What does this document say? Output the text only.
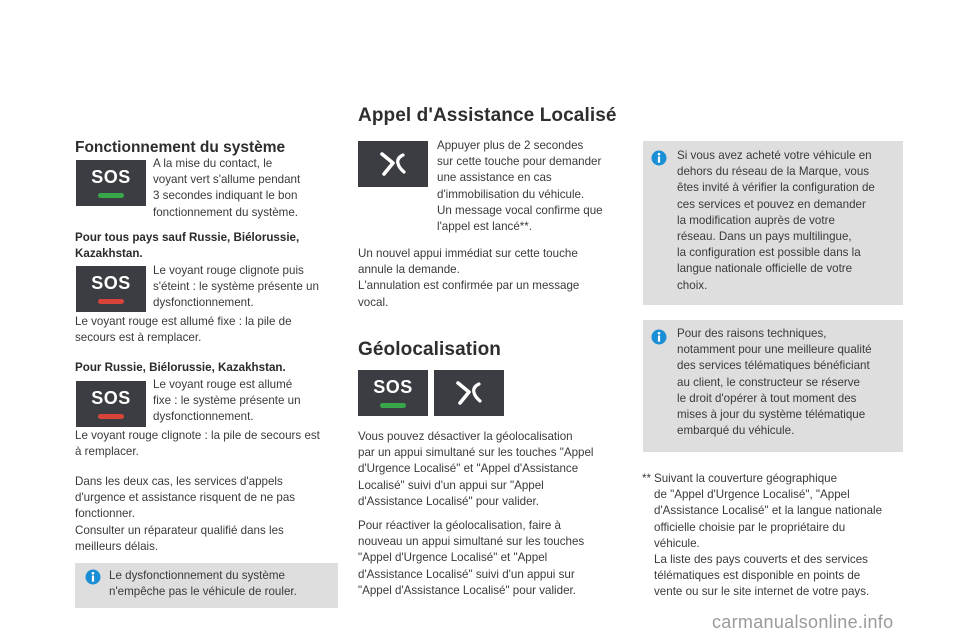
Fonctionnement du système
SOS
A la mise du contact, le
voyant vert s'allume pendant
3 secondes indiquant le bon
fonctionnement du système.
Pour tous pays sauf Russie, Biélorussie,
Kazakhstan.
SOS
Le voyant rouge clignote puis
s'éteint : le système présente un
dysfonctionnement.
Le voyant rouge est allumé fixe : la pile de
secours est à remplacer.
Pour Russie, Biélorussie, Kazakhstan.
SOS
Le voyant rouge est allumé
fixe : le système présente un
dysfonctionnement.
Le voyant rouge clignote : la pile de secours est
à remplacer.
Dans les deux cas, les services d'appels
d'urgence et assistance risquent de ne pas
fonctionner.
Consulter un réparateur qualifié dans les
meilleurs délais.
Le dysfonctionnement du système
n'empêche pas le véhicule de rouler.
Appel d'Assistance Localisé
Appuyer plus de 2 secondes
sur cette touche pour demander
une assistance en cas
d'immobilisation du véhicule.
Un message vocal confirme que
l'appel est lancé**.
Un nouvel appui immédiat sur cette touche
annule la demande.
L'annulation est confirmée par un message
vocal.
Géolocalisation
SOS
Vous pouvez désactiver la géolocalisation
par un appui simultané sur les touches "Appel
d'Urgence Localisé" et "Appel d'Assistance
Localisé" suivi d'un appui sur "Appel
d'Assistance Localisé" pour valider.
Pour réactiver la géolocalisation, faire à
nouveau un appui simultané sur les touches
"Appel d'Urgence Localisé" et "Appel
d'Assistance Localisé" suivi d'un appui sur
"Appel d'Assistance Localisé" pour valider.
Si vous avez acheté votre véhicule en
dehors du réseau de la Marque, vous
êtes invité à vérifier la configuration de
ces services et pouvez en demander
la modification auprès de votre
réseau. Dans un pays multilingue,
la configuration est possible dans la
langue nationale officielle de votre
choix.
Pour des raisons techniques,
notamment pour une meilleure qualité
des services télématiques bénéficiant
au client, le constructeur se réserve
le droit d'opérer à tout moment des
mises à jour du système télématique
embarqué du véhicule.
** Suivant la couverture géographique
de "Appel d'Urgence Localisé", "Appel
d'Assistance Localisé" et la langue nationale
officielle choisie par le propriétaire du
véhicule.
La liste des pays couverts et des services
télématiques est disponible en points de
vente ou sur le site internet de votre pays.
carmanualsonline.info
